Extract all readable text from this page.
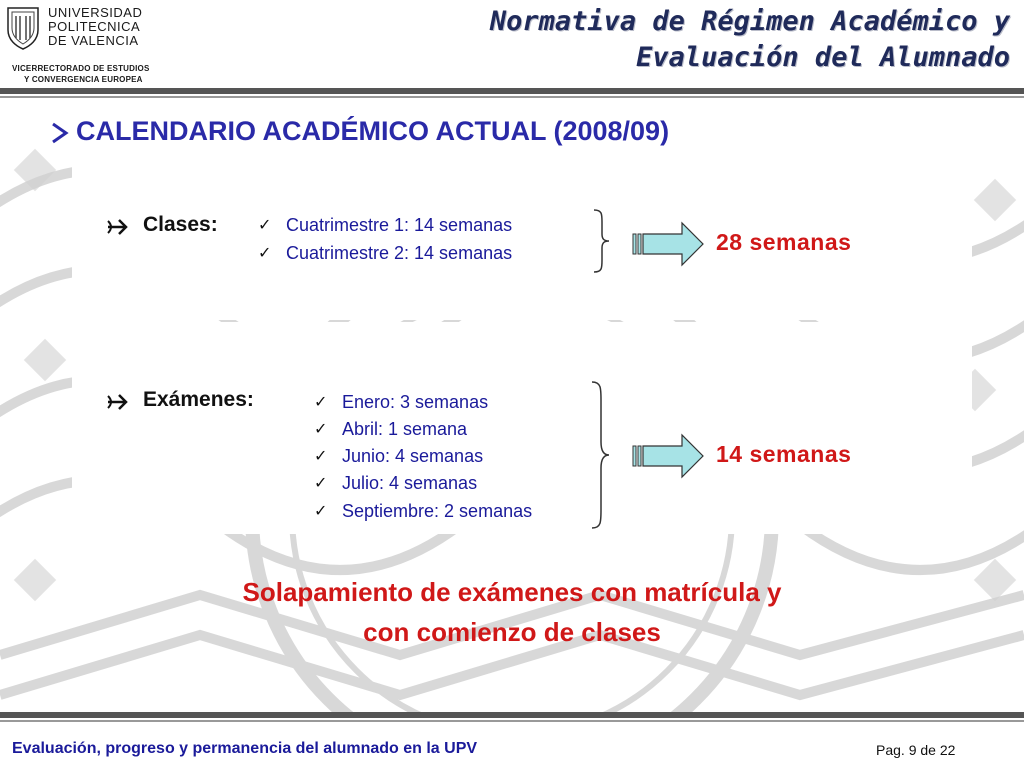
UNIVERSIDAD
POLITECNICA
DE VALENCIA
VICERRECTORADO DE ESTUDIOS
Y CONVERGENCIA EUROPEA
Normativa de Régimen Académico y
Evaluación del Alumnado
CALENDARIO ACADÉMICO ACTUAL (2008/09)
Clases:	✓ Cuatrimestre 1: 14 semanas
✓ Cuatrimestre 2: 14 semanas	28 semanas
Exámenes:	✓ Enero: 3 semanas
✓ Abril: 1 semana
✓ Junio: 4 semanas
✓ Julio: 4 semanas
✓ Septiembre: 2 semanas
14 semanas
Solapamiento de exámenes con matrícula y
con comienzo de clases
Evaluación, progreso y permanencia del alumnado en la UPV	Pag. 9 de 22
